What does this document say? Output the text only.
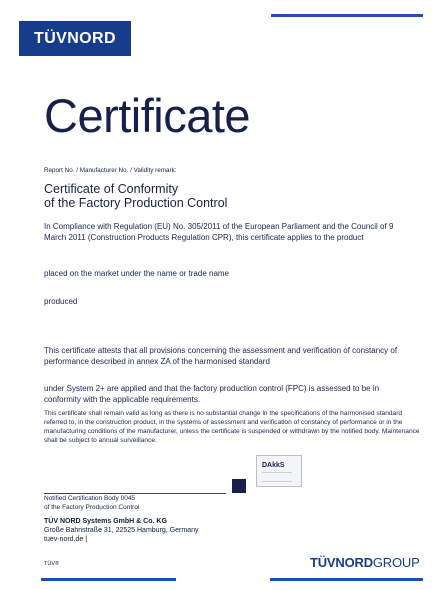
TÜVNORD
Certificate
Report No. / Manufacturer No. / Validity remark:
Certificate of Conformity
of the Factory Production Control
In Compliance with Regulation (EU) No. 305/2011 of the European Parliament and the Council of 9 March 2011 (Construction Products Regulation CPR), this certificate applies to the product
placed on the market under the name or trade name
produced
This certificate attests that all provisions concerning the assessment and verification of constancy of performance described in annex ZA of the harmonised standard
under System 2+ are applied and that the factory production control (FPC) is assessed to be in conformity with the applicable requirements.
This certificate shall remain valid as long as there is no substantial change in the specifications of the harmonised standard referred to, in the construction product, in the systems of assessment and verification of constancy of performance or in the manufacturing conditions of the manufacturer, unless the certificate is suspended or withdrawn by the notified body. Maintenance shall be subject to annual surveillance.
DAkkS
Notified Certification Body 0045
of the Factory Production Control
TÜV NORD Systems GmbH & Co. KG
Große Bahnstraße 31, 22525 Hamburg, Germany
tuev-nord.de |
TÜV®	TÜVNORDGROUP
